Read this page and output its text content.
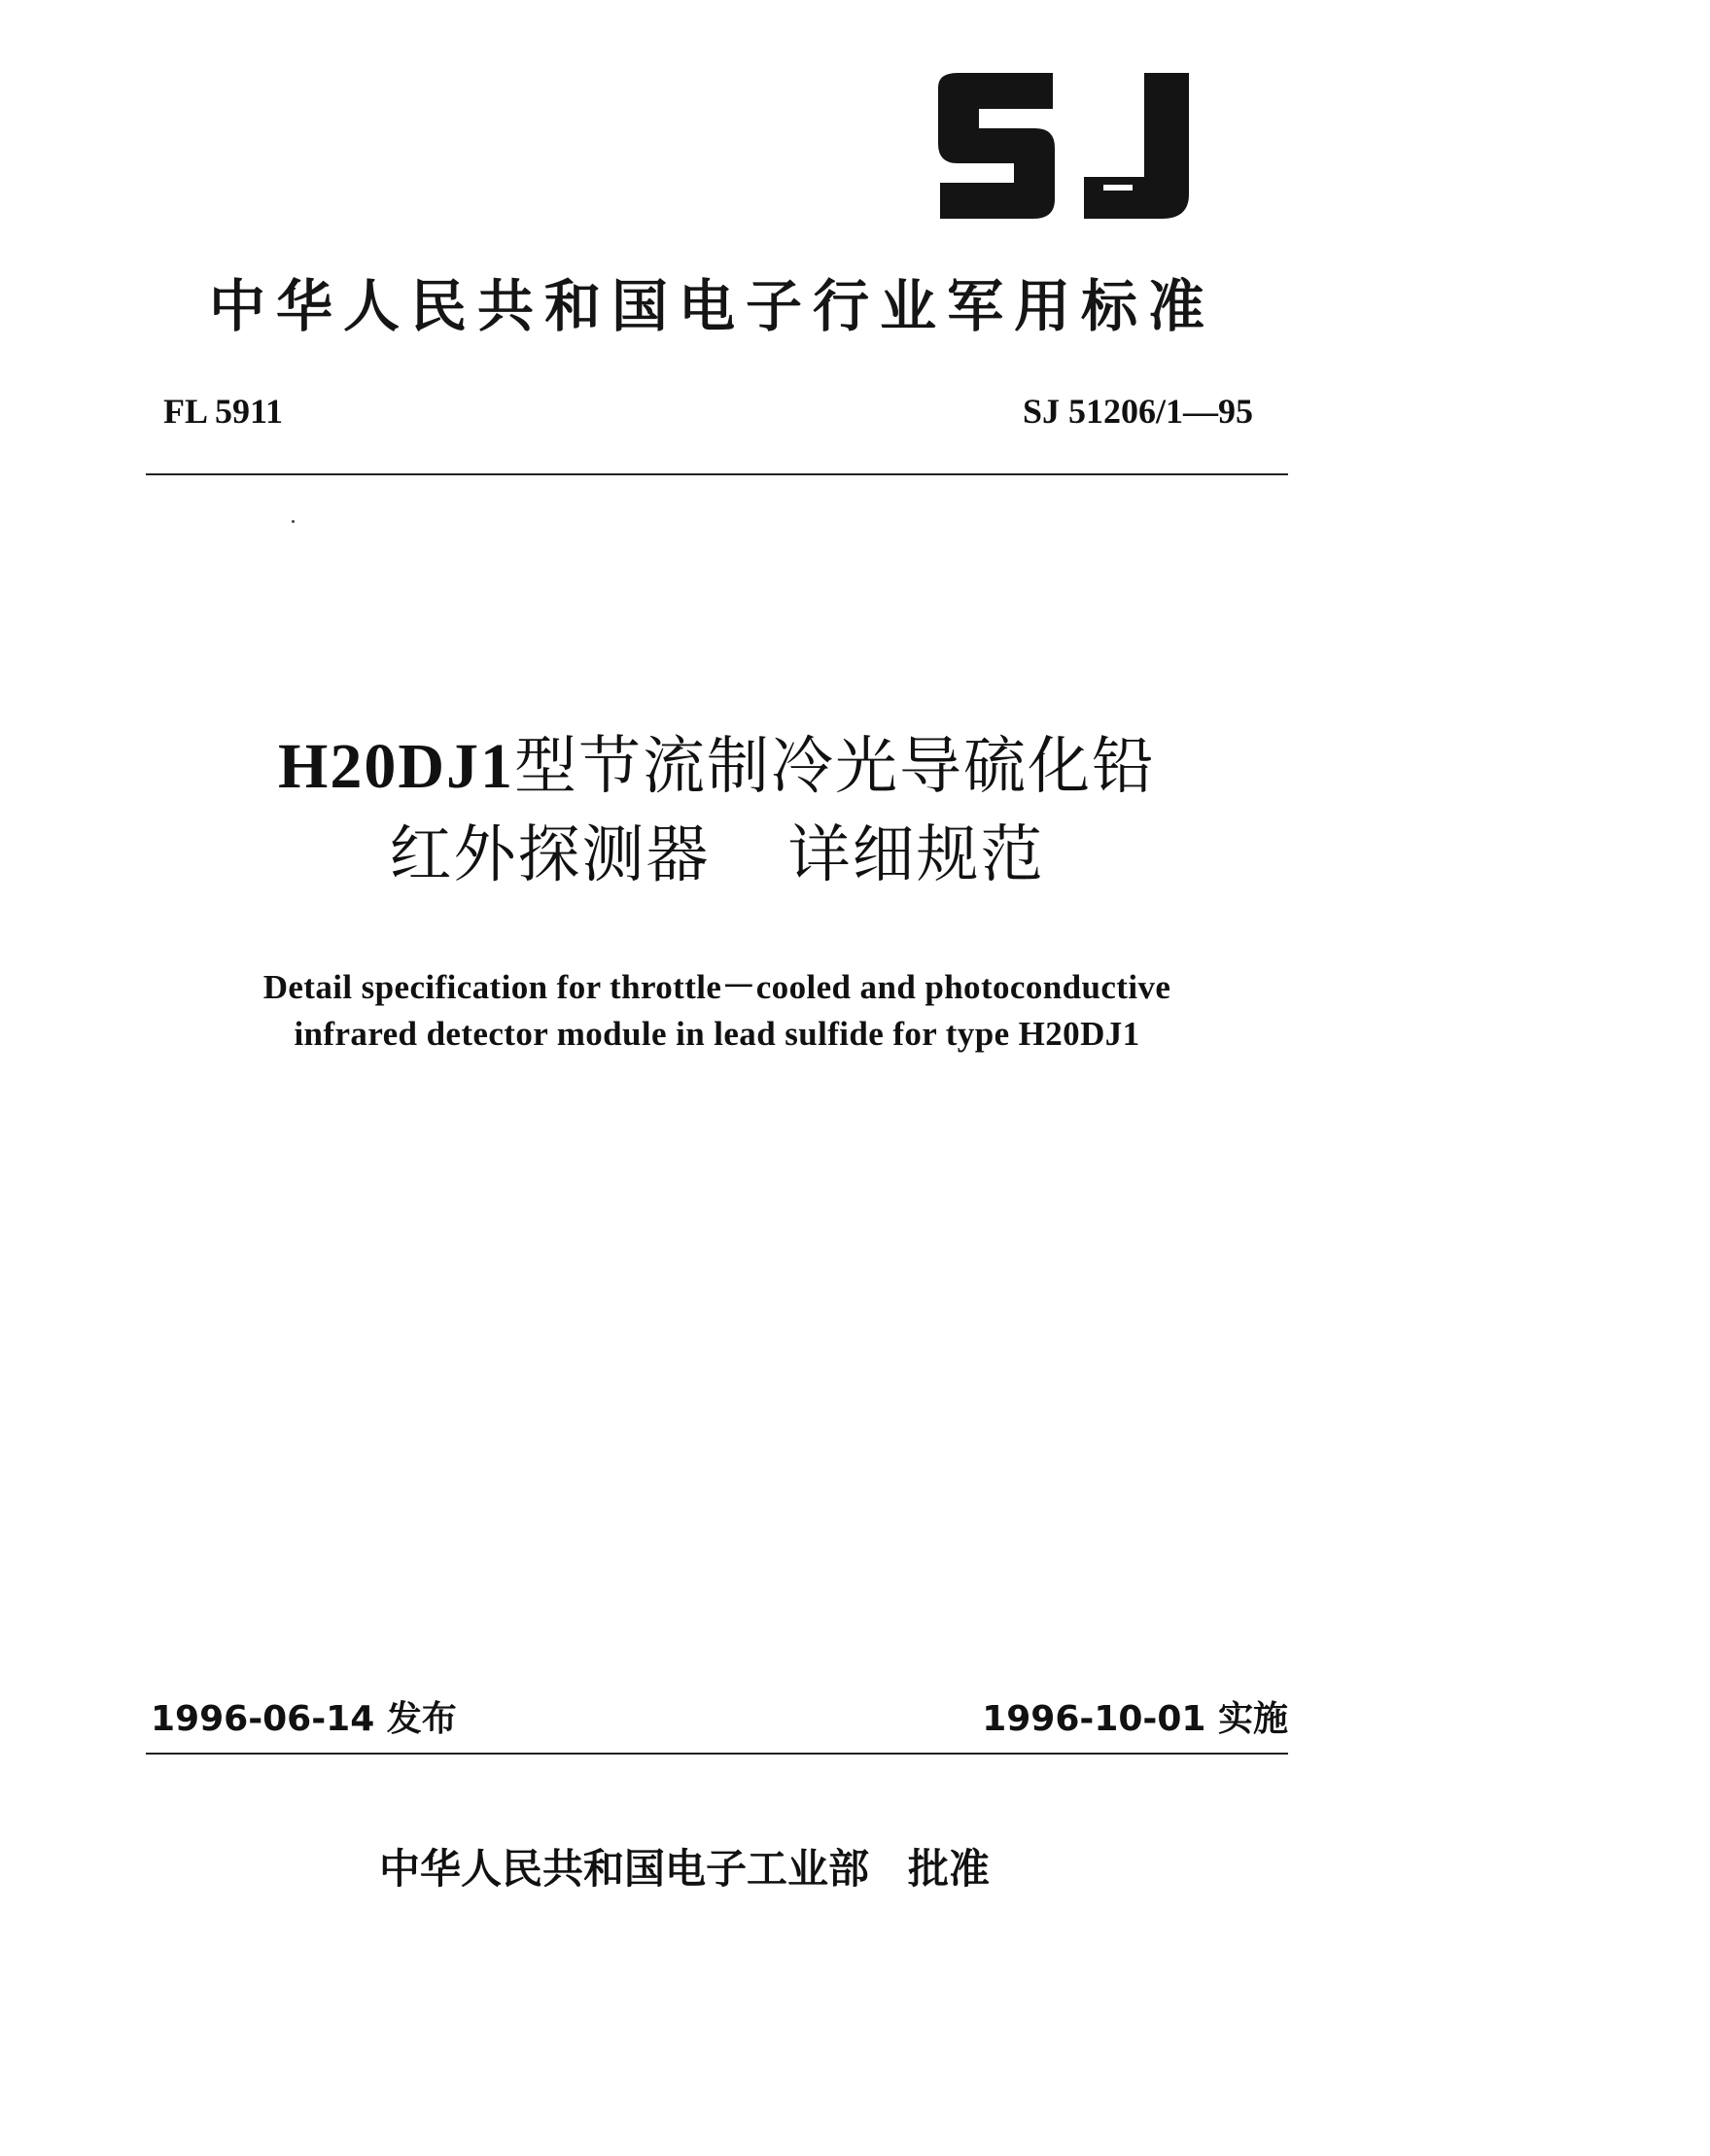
中华人民共和国电子行业军用标准
FL 5911	SJ 51206/1—95
H20DJ1型节流制冷光导硫化铅
红外探测器 详细规范
Detail specification for throttle－cooled and photoconductive
infrared detector module in lead sulfide for type H20DJ1
1996-06-14 发布	1996-10-01 实施
中华人民共和国电子工业部 批准
